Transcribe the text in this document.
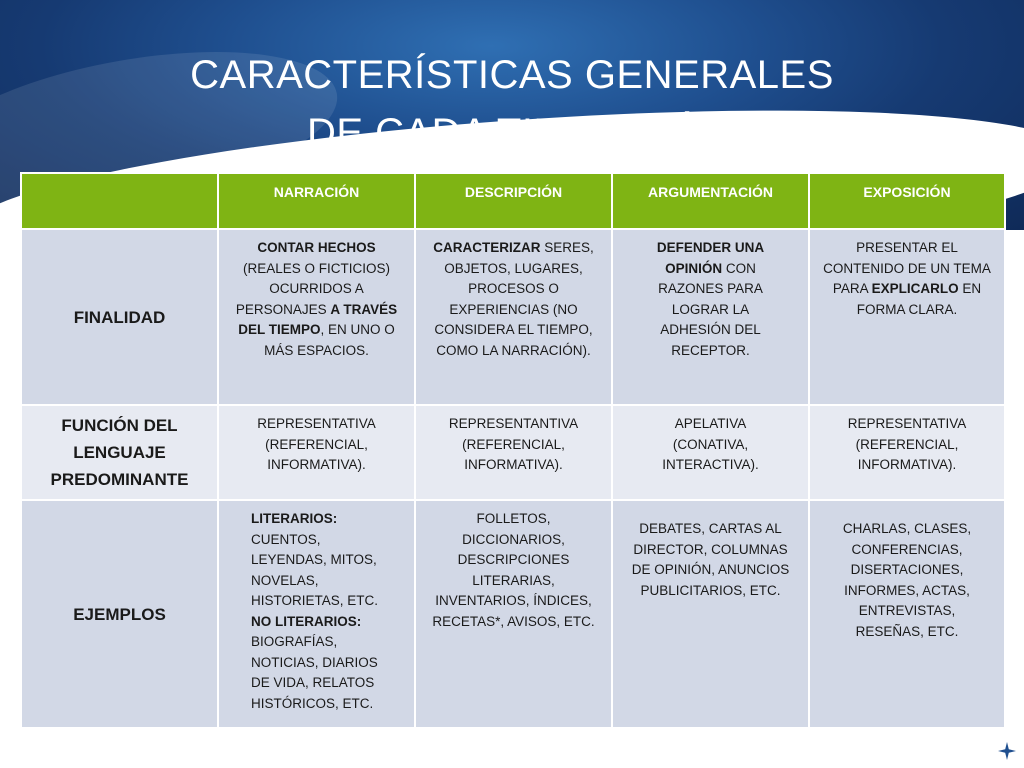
CARACTERÍSTICAS GENERALES
DE CADA TIPOLOGÍA

	NARRACIÓN	DESCRIPCIÓN	ARGUMENTACIÓN	EXPOSICIÓN

FINALIDAD	CONTAR HECHOS (REALES O FICTICIOS) OCURRIDOS A PERSONAJES A TRAVÉS DEL TIEMPO, EN UNO O MÁS ESPACIOS.	CARACTERIZAR SERES, OBJETOS, LUGARES, PROCESOS O EXPERIENCIAS (NO CONSIDERA EL TIEMPO, COMO LA NARRACIÓN).	DEFENDER UNA OPINIÓN CON RAZONES PARA LOGRAR LA ADHESIÓN DEL RECEPTOR.	PRESENTAR EL CONTENIDO DE UN TEMA PARA EXPLICARLO EN FORMA CLARA.
FUNCIÓN DEL LENGUAJE PREDOMINANTE	REPRESENTATIVA (REFERENCIAL, INFORMATIVA).	REPRESENTANTIVA (REFERENCIAL, INFORMATIVA).	APELATIVA (CONATIVA, INTERACTIVA).	REPRESENTATIVA (REFERENCIAL, INFORMATIVA).
EJEMPLOS	LITERARIOS:
CUENTOS, LEYENDAS, MITOS, NOVELAS, HISTORIETAS, ETC.
NO LITERARIOS:
BIOGRAFÍAS, NOTICIAS, DIARIOS DE VIDA, RELATOS HISTÓRICOS, ETC.	FOLLETOS, DICCIONARIOS, DESCRIPCIONES LITERARIAS, INVENTARIOS, ÍNDICES, RECETAS*, AVISOS, ETC.	DEBATES, CARTAS AL DIRECTOR, COLUMNAS DE OPINIÓN, ANUNCIOS PUBLICITARIOS, ETC.	CHARLAS, CLASES, CONFERENCIAS, DISERTACIONES, INFORMES, ACTAS, ENTREVISTAS, RESEÑAS, ETC.
